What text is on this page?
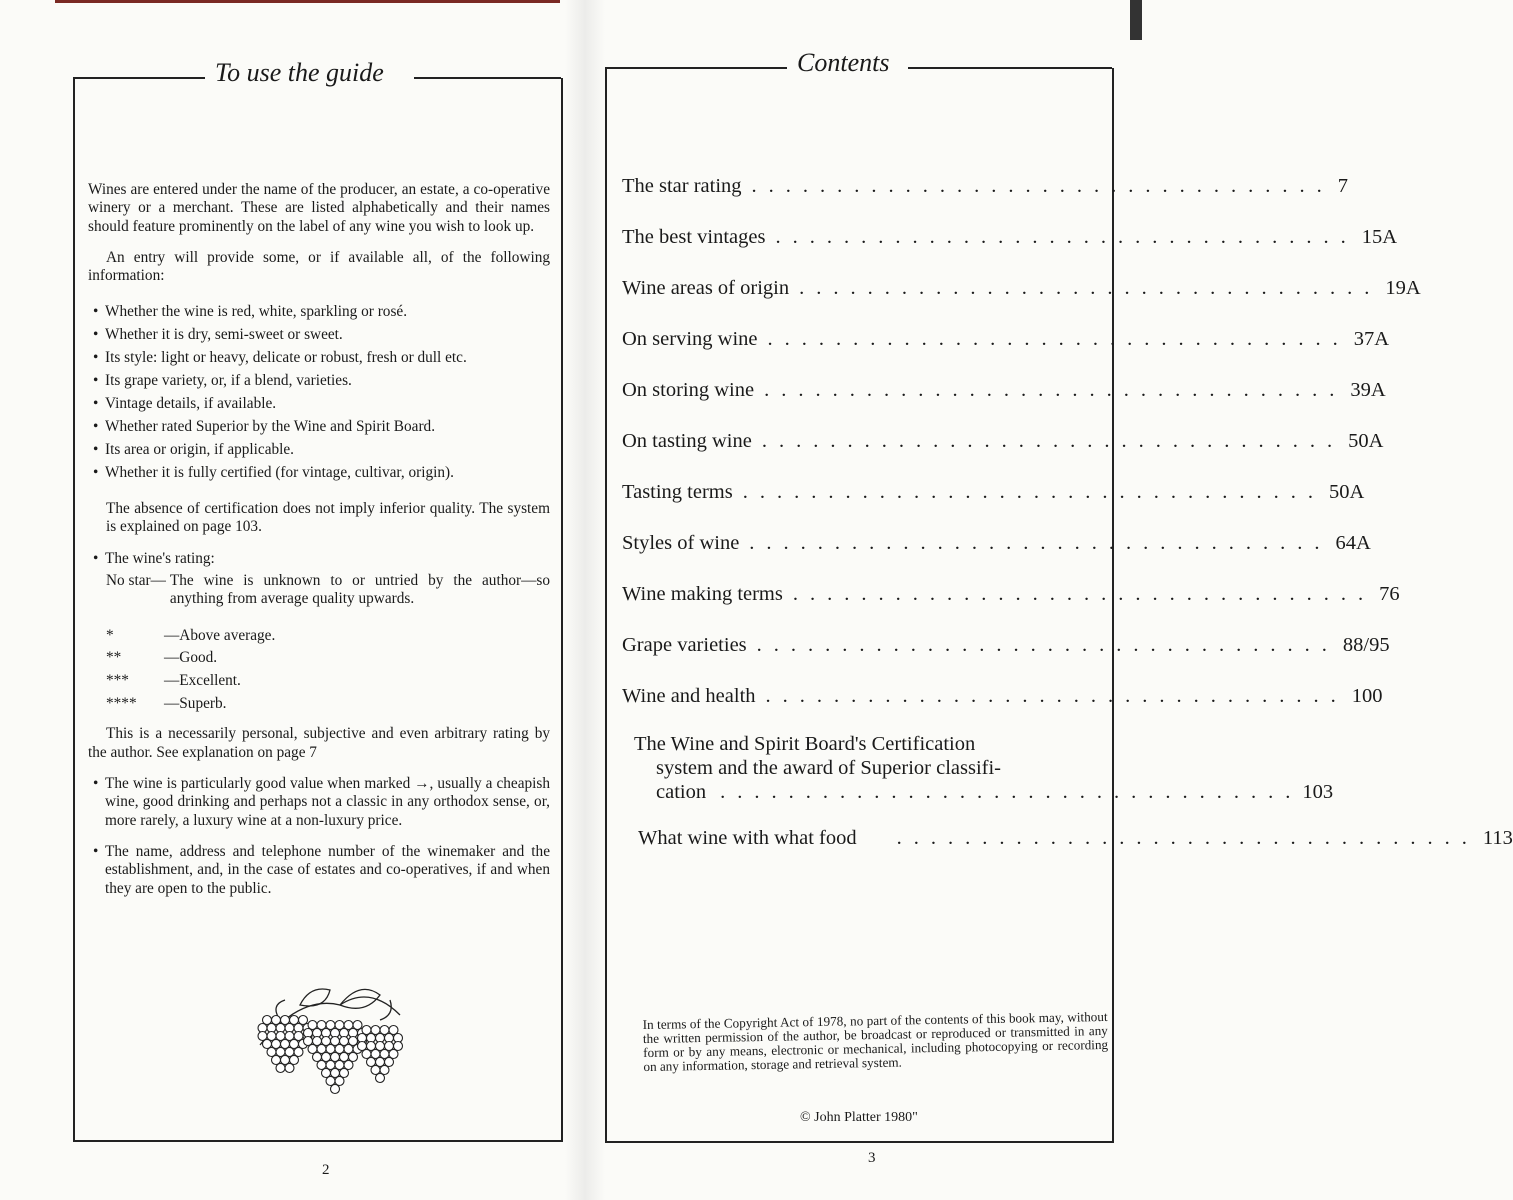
To use the guide

Wines are entered under the name of the producer, an estate, a co-operative winery or a merchant. These are listed alphabetically and their names should feature prominently on the label of any wine you wish to look up.

An entry will provide some, or if available all, of the following information:

• Whether the wine is red, white, sparkling or rosé.
• Whether it is dry, semi-sweet or sweet.
• Its style: light or heavy, delicate or robust, fresh or dull etc.
• Its grape variety, or, if a blend, varieties.
• Vintage details, if available.
• Whether rated Superior by the Wine and Spirit Board.
• Its area or origin, if applicable.
• Whether it is fully certified (for vintage, cultivar, origin).

The absence of certification does not imply inferior quality. The system is explained on page 103.

• The wine's rating:
No star— The wine is unknown to or untried by the author—so anything from average quality upwards.
*	—Above average.
**	—Good.
***	—Excellent.
****	—Superb.

This is a necessarily personal, subjective and even arbitrary rating by the author. See explanation on page 7

• The wine is particularly good value when marked →, usually a cheapish wine, good drinking and perhaps not a classic in any orthodox sense, or, more rarely, a luxury wine at a non-luxury price.

• The name, address and telephone number of the winemaker and the establishment, and, in the case of estates and co-operatives, if and when they are open to the public.

2
Contents
The star rating .................................. 7
The best vintages .................................. 15A
Wine areas of origin .................................. 19A
On serving wine .................................. 37A
On storing wine .................................. 39A
On tasting wine .................................. 50A
Tasting terms .................................. 50A
Styles of wine .................................. 64A
Wine making terms .................................. 76
Grape varieties .................................. 88/95
Wine and health .................................. 100
The Wine and Spirit Board's Certification
system and the award of Superior classifi-
cation .................................. 103
What wine with what food	.................................. 113
In terms of the Copyright Act of 1978, no part of the contents of this book may, without the written permission of the author, be broadcast or reproduced or transmitted in any form or by any means, electronic or mechanical, including photocopying or recording on any information, storage and retrieval system.
© John Platter 1980"
3
